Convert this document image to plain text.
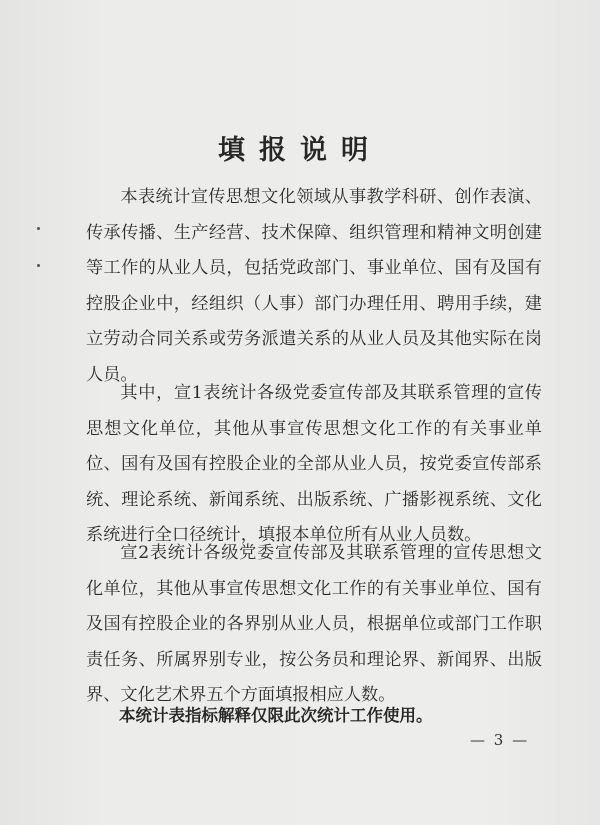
填报说明

本表统计宣传思想文化领域从事教学科研、创作表演、传承传播、生产经营、技术保障、组织管理和精神文明创建等工作的从业人员，包括党政部门、事业单位、国有及国有控股企业中，经组织（人事）部门办理任用、聘用手续，建立劳动合同关系或劳务派遣关系的从业人员及其他实际在岗人员。

其中，宣1表统计各级党委宣传部及其联系管理的宣传思想文化单位，其他从事宣传思想文化工作的有关事业单位、国有及国有控股企业的全部从业人员，按党委宣传部系统、理论系统、新闻系统、出版系统、广播影视系统、文化系统进行全口径统计，填报本单位所有从业人员数。

宣2表统计各级党委宣传部及其联系管理的宣传思想文化单位，其他从事宣传思想文化工作的有关事业单位、国有及国有控股企业的各界别从业人员，根据单位或部门工作职责任务、所属界别专业，按公务员和理论界、新闻界、出版界、文化艺术界五个方面填报相应人数。

本统计表指标解释仅限此次统计工作使用。

— 3 —
